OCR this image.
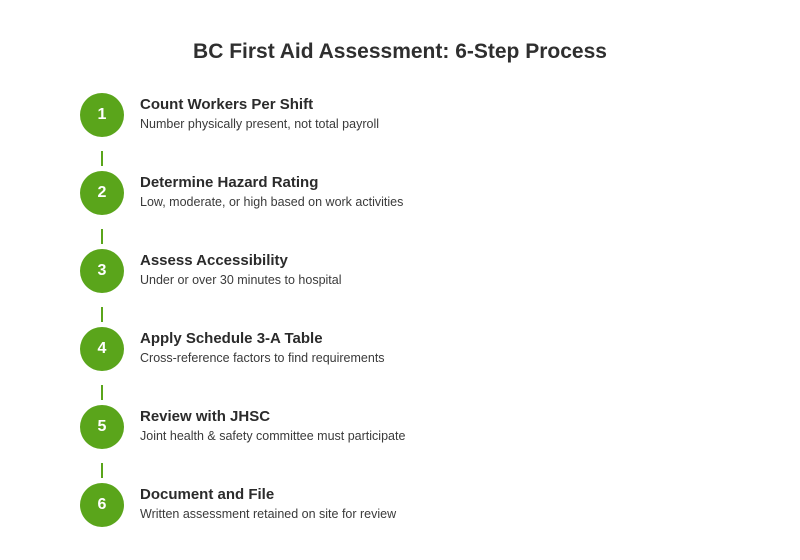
BC First Aid Assessment: 6-Step Process
1
Count Workers Per Shift
Number physically present, not total payroll
2
Determine Hazard Rating
Low, moderate, or high based on work activities
3
Assess Accessibility
Under or over 30 minutes to hospital
4
Apply Schedule 3-A Table
Cross-reference factors to find requirements
5
Review with JHSC
Joint health & safety committee must participate
6
Document and File
Written assessment retained on site for review
